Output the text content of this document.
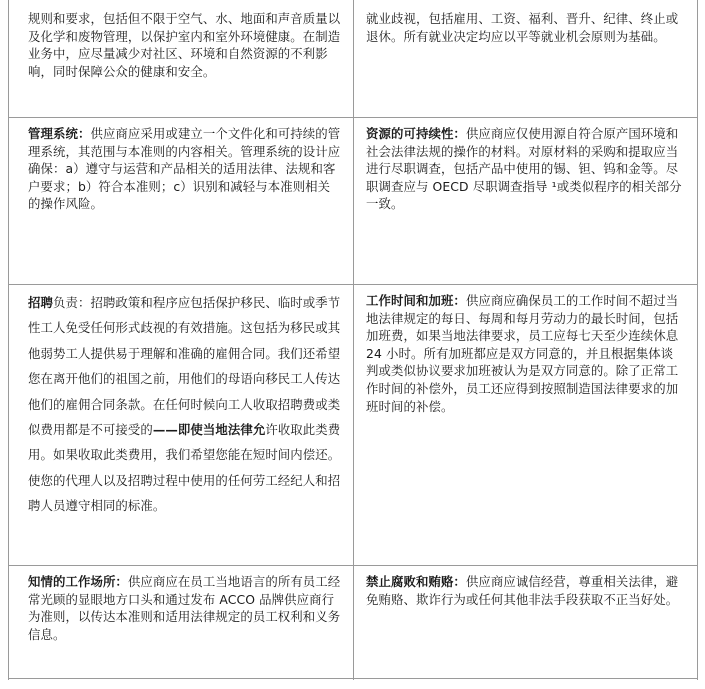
规则和要求，包括但不限于空气、水、地面和声音质量以及化学和废物管理，以保护室内和室外环境健康。在制造业务中，应尽量减少对社区、环境和自然资源的不利影响，同时保障公众的健康和安全。
就业歧视，包括雇用、工资、福利、晋升、纪律、终止或退休。所有就业决定均应以平等就业机会原则为基础。
管理系统：供应商应采用或建立一个文件化和可持续的管理系统，其范围与本准则的内容相关。管理系统的设计应确保：a）遵守与运营和产品相关的适用法律、法规和客户要求；b）符合本准则；c）识别和减轻与本准则相关的操作风险。
资源的可持续性：供应商应仅使用源自符合原产国环境和社会法律法规的操作的材料。对原材料的采购和提取应当进行尽职调查，包括产品中使用的锡、钽、钨和金等。尽职调查应与 OECD 尽职调查指导 ¹或类似程序的相关部分一致。
招聘负责：招聘政策和程序应包括保护移民、临时或季节性工人免受任何形式歧视的有效措施。这包括为移民或其他弱势工人提供易于理解和准确的雇佣合同。我们还希望您在离开他们的祖国之前，用他们的母语向移民工人传达他们的雇佣合同条款。在任何时候向工人收取招聘费或类似费用都是不可接受的——即使当地法律允许收取此类费用。如果收取此类费用，我们希望您能在短时间内偿还。使您的代理人以及招聘过程中使用的任何劳工经纪人和招聘人员遵守相同的标准。
工作时间和加班：供应商应确保员工的工作时间不超过当地法律规定的每日、每周和每月劳动力的最长时间，包括加班费，如果当地法律要求，员工应每七天至少连续休息 24 小时。所有加班都应是双方同意的，并且根据集体谈判或类似协议要求加班被认为是双方同意的。除了正常工作时间的补偿外，员工还应得到按照制造国法律要求的加班时间的补偿。
知情的工作场所：供应商应在员工当地语言的所有员工经常光顾的显眼地方口头和通过发布 ACCO 品牌供应商行为准则，以传达本准则和适用法律规定的员工权利和义务信息。
禁止腐败和贿赂：供应商应诚信经营，尊重相关法律，避免贿赂、欺诈行为或任何其他非法手段获取不正当好处。
